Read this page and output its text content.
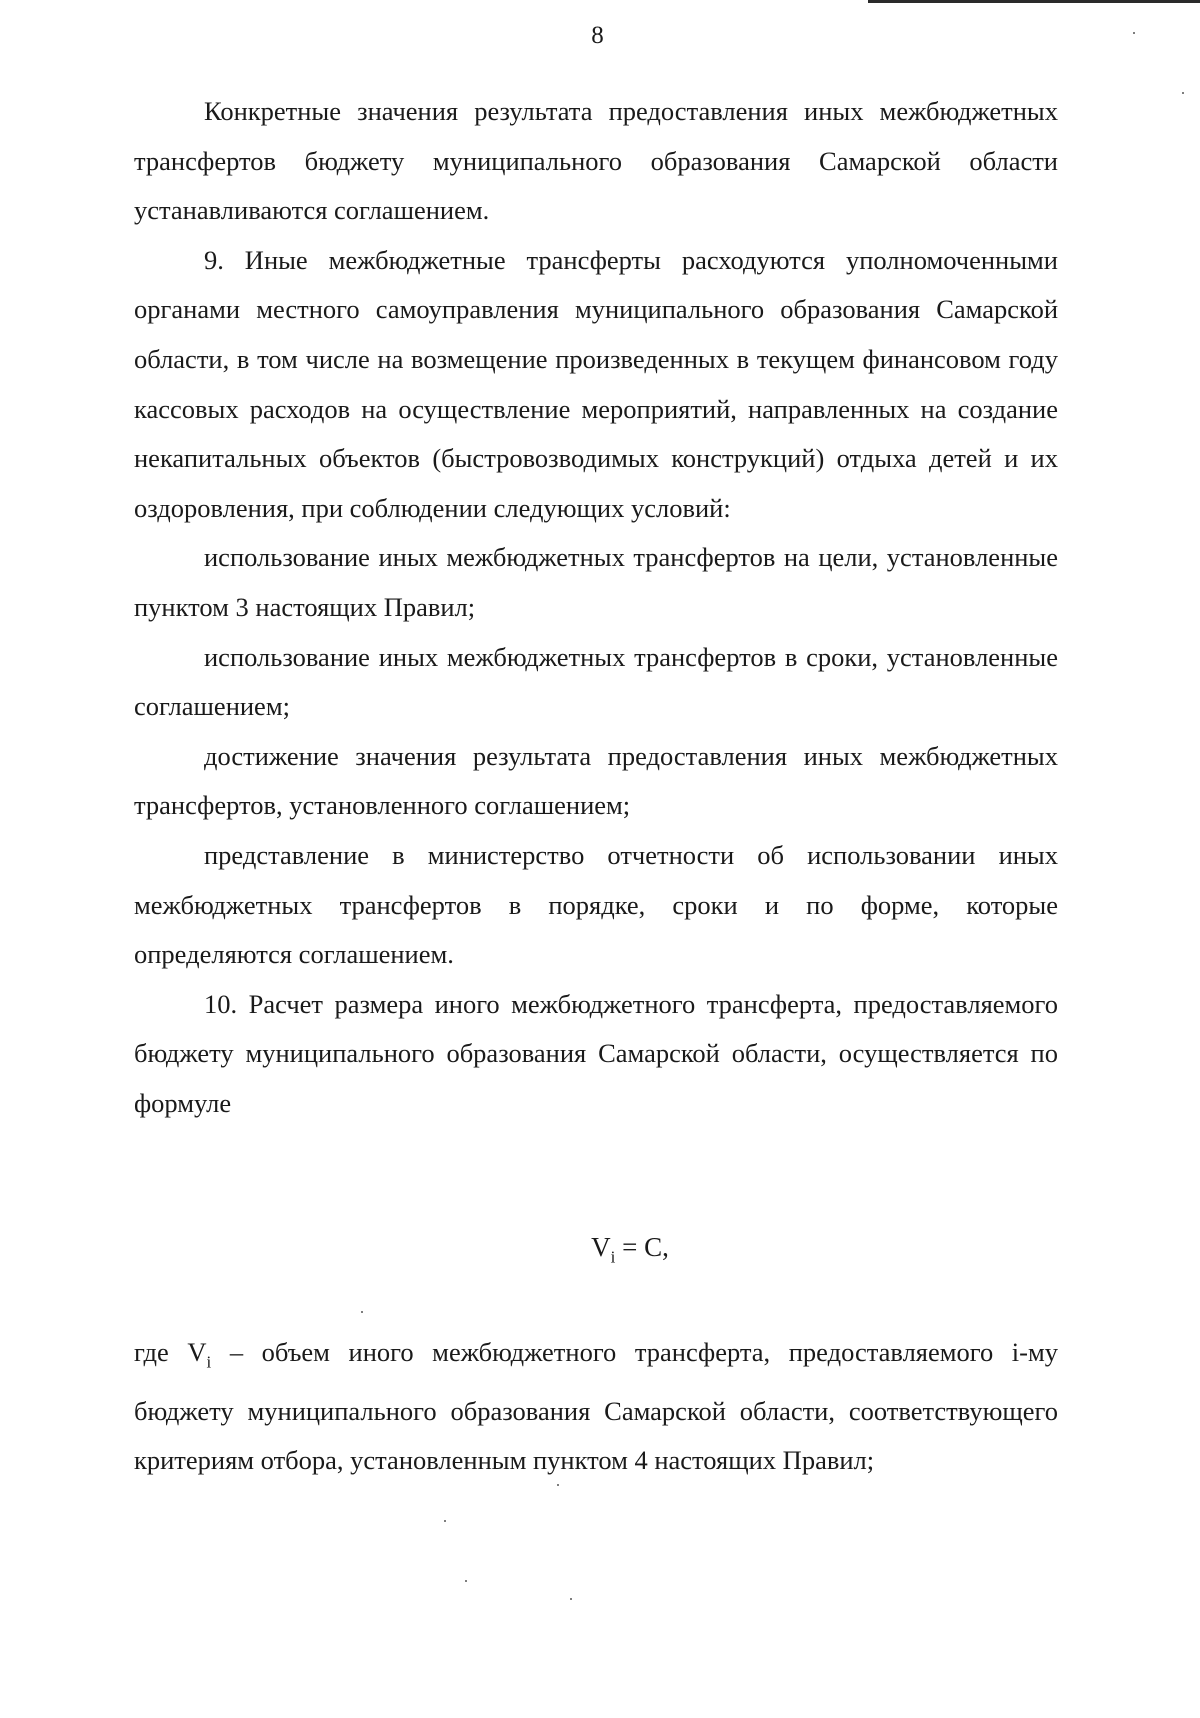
8

Конкретные значения результата предоставления иных межбюджетных трансфертов бюджету муниципального образования Самарской области устанавливаются соглашением.

9. Иные межбюджетные трансферты расходуются уполномоченными органами местного самоуправления муниципального образования Самарской области, в том числе на возмещение произведенных в текущем финансовом году кассовых расходов на осуществление мероприятий, направленных на создание некапитальных объектов (быстровозводимых конструкций) отдыха детей и их оздоровления, при соблюдении следующих условий:

использование иных межбюджетных трансфертов на цели, установленные пунктом 3 настоящих Правил;

использование иных межбюджетных трансфертов в сроки, установленные соглашением;

достижение значения результата предоставления иных межбюджетных трансфертов, установленного соглашением;

представление в министерство отчетности об использовании иных межбюджетных трансфертов в порядке, сроки и по форме, которые определяются соглашением.

10. Расчет размера иного межбюджетного трансферта, предоставляемого бюджету муниципального образования Самарской области, осуществляется по формуле

$V_i = C$,

где $V_i$ – объем иного межбюджетного трансферта, предоставляемого i-му бюджету муниципального образования Самарской области, соответствующего критериям отбора, установленным пунктом 4 настоящих Правил;
